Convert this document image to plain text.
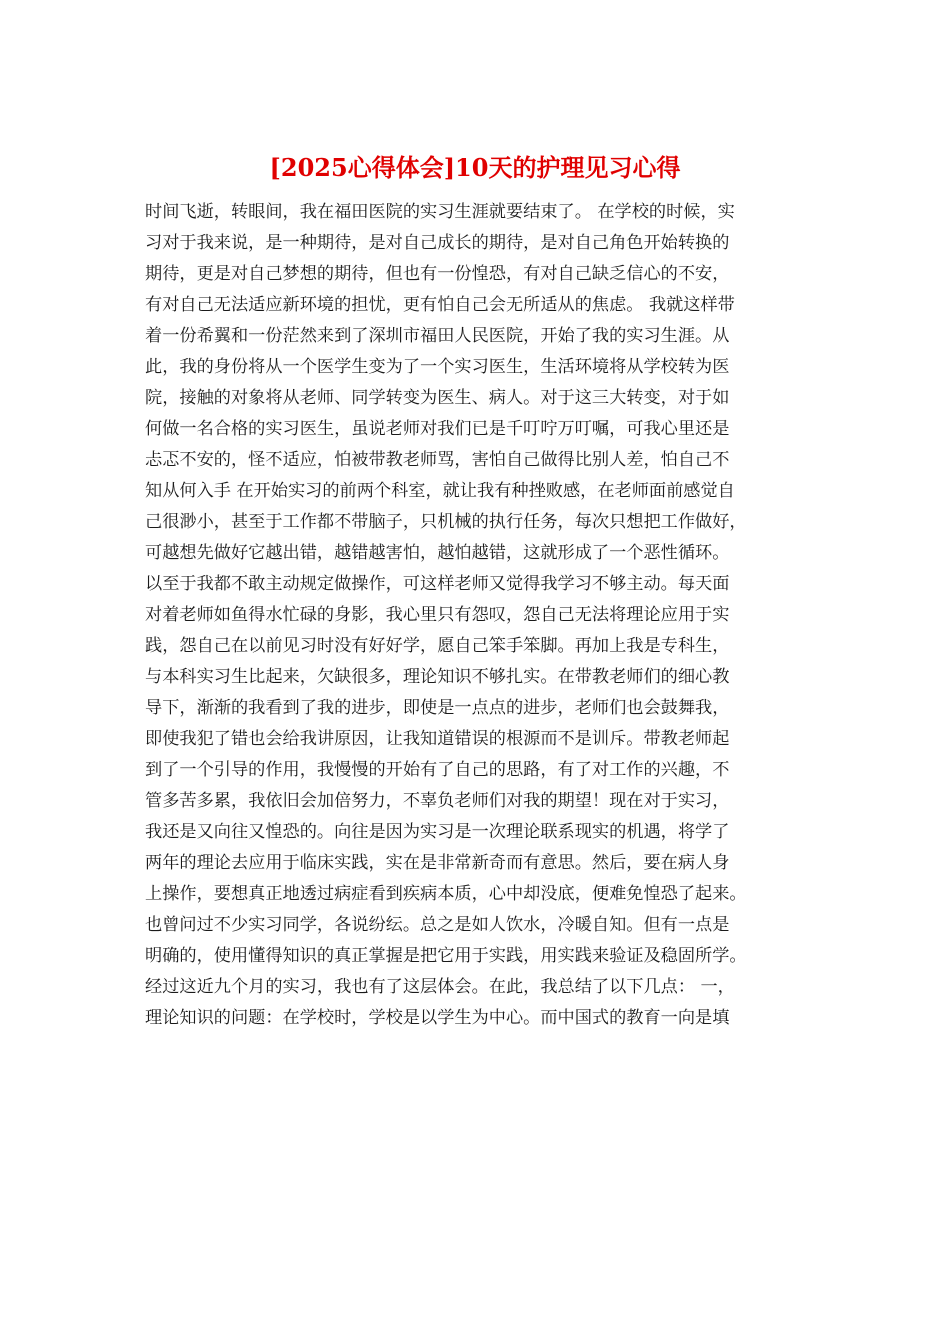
[2025心得体会]10天的护理见习心得
时间飞逝，转眼间，我在福田医院的实习生涯就要结束了。 在学校的时候，实
习对于我来说，是一种期待，是对自己成长的期待，是对自己角色开始转换的
期待，更是对自己梦想的期待，但也有一份惶恐，有对自己缺乏信心的不安，
有对自己无法适应新环境的担忧，更有怕自己会无所适从的焦虑。 我就这样带
着一份希翼和一份茫然来到了深圳市福田人民医院，开始了我的实习生涯。从
此，我的身份将从一个医学生变为了一个实习医生，生活环境将从学校转为医
院，接触的对象将从老师、同学转变为医生、病人。对于这三大转变，对于如
何做一名合格的实习医生，虽说老师对我们已是千叮咛万叮嘱，可我心里还是
忐忑不安的，怪不适应，怕被带教老师骂，害怕自己做得比别人差，怕自己不
知从何入手 在开始实习的前两个科室，就让我有种挫败感，在老师面前感觉自
己很渺小，甚至于工作都不带脑子，只机械的执行任务，每次只想把工作做好，
可越想先做好它越出错，越错越害怕，越怕越错，这就形成了一个恶性循环。
以至于我都不敢主动规定做操作，可这样老师又觉得我学习不够主动。每天面
对着老师如鱼得水忙碌的身影，我心里只有怨叹，怨自己无法将理论应用于实
践，怨自己在以前见习时没有好好学，愿自己笨手笨脚。再加上我是专科生，
与本科实习生比起来，欠缺很多，理论知识不够扎实。在带教老师们的细心教
导下，渐渐的我看到了我的进步，即使是一点点的进步，老师们也会鼓舞我，
即使我犯了错也会给我讲原因，让我知道错误的根源而不是训斥。带教老师起
到了一个引导的作用，我慢慢的开始有了自己的思路，有了对工作的兴趣，不
管多苦多累，我依旧会加倍努力，不辜负老师们对我的期望！现在对于实习，
我还是又向往又惶恐的。向往是因为实习是一次理论联系现实的机遇，将学了
两年的理论去应用于临床实践，实在是非常新奇而有意思。然后，要在病人身
上操作，要想真正地透过病症看到疾病本质，心中却没底，便难免惶恐了起来。
也曾问过不少实习同学，各说纷纭。总之是如人饮水，冷暖自知。但有一点是
明确的，使用懂得知识的真正掌握是把它用于实践，用实践来验证及稳固所学。
经过这近九个月的实习，我也有了这层体会。在此，我总结了以下几点： 一，
理论知识的问题：在学校时，学校是以学生为中心。而中国式的教育一向是填
